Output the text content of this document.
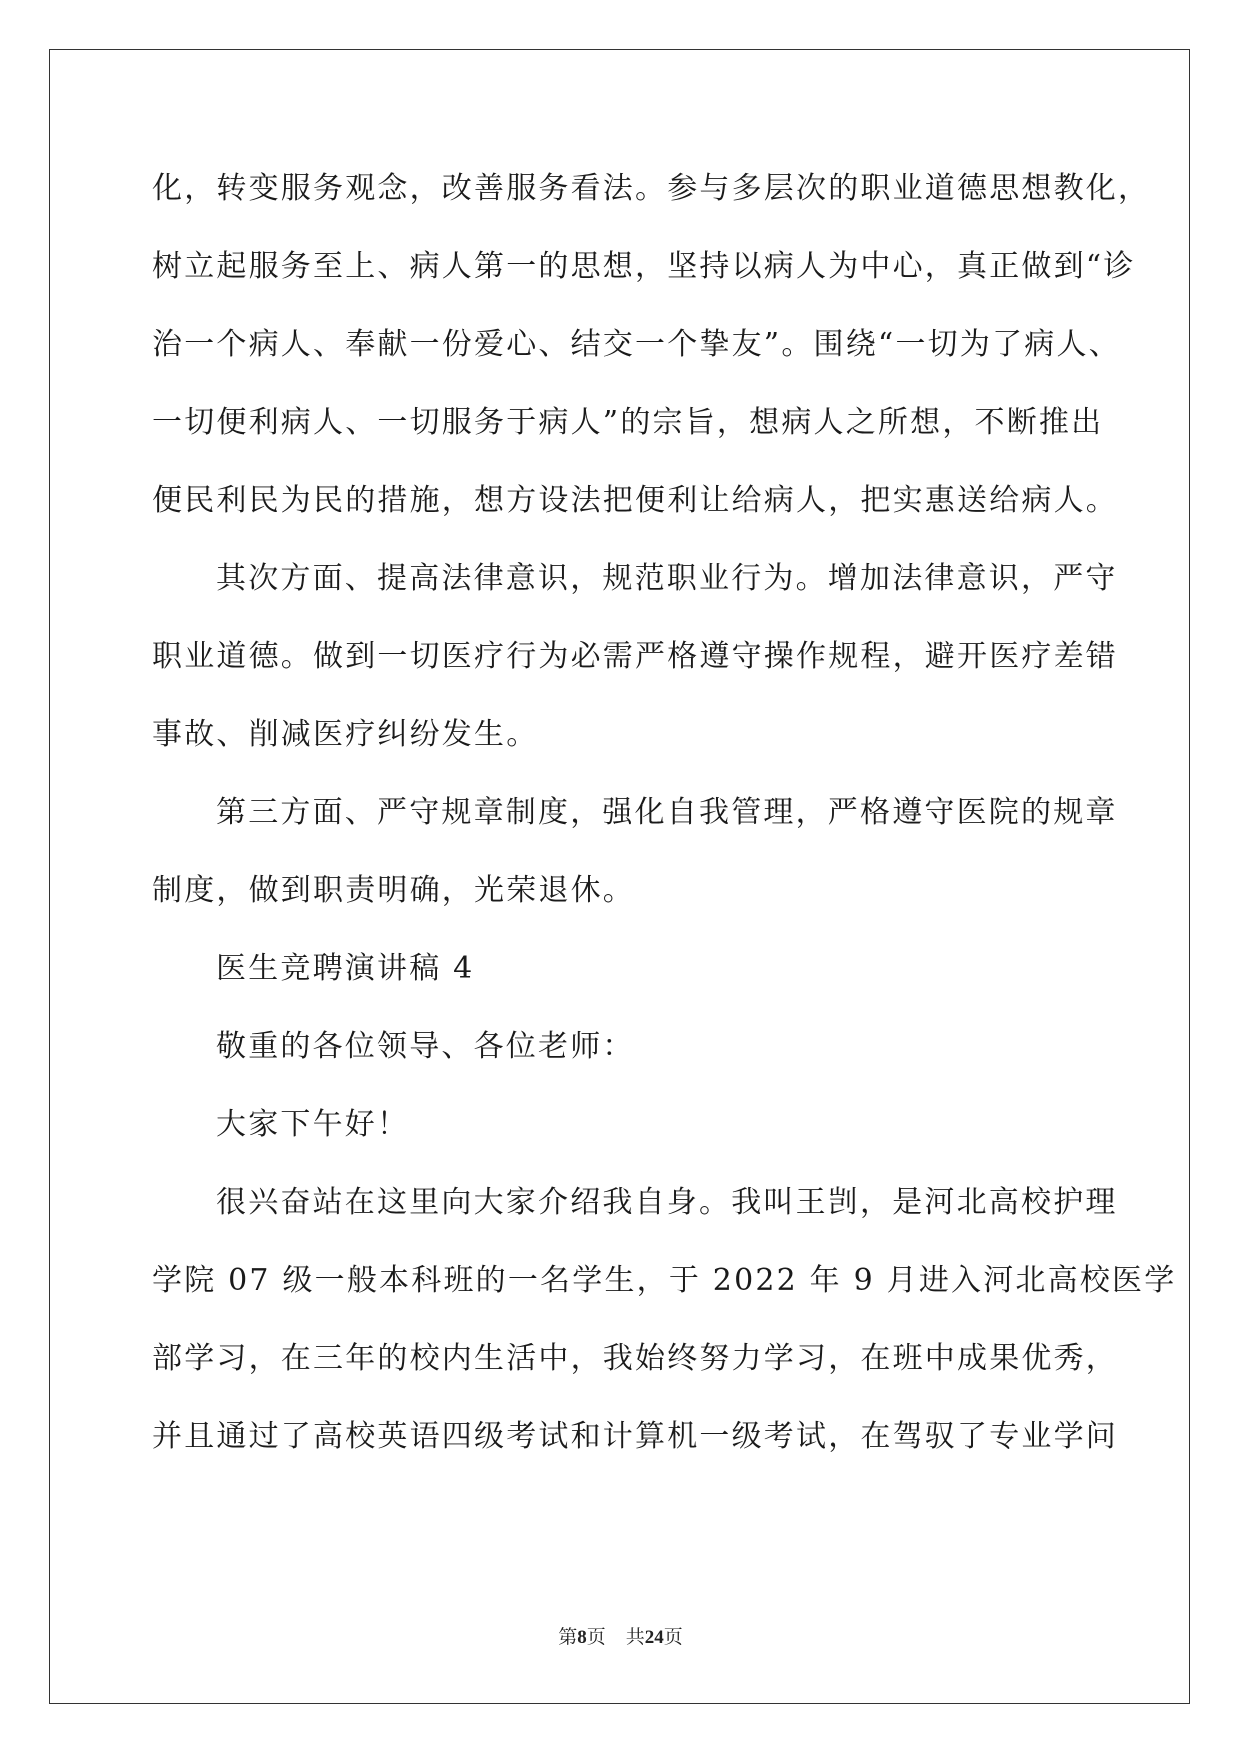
化，转变服务观念，改善服务看法。参与多层次的职业道德思想教化，
树立起服务至上、病人第一的思想，坚持以病人为中心，真正做到“诊
治一个病人、奉献一份爱心、结交一个挚友”。围绕“一切为了病人、
一切便利病人、一切服务于病人”的宗旨，想病人之所想，不断推出
便民利民为民的措施，想方设法把便利让给病人，把实惠送给病人。
其次方面、提高法律意识，规范职业行为。增加法律意识，严守
职业道德。做到一切医疗行为必需严格遵守操作规程，避开医疗差错
事故、削减医疗纠纷发生。
第三方面、严守规章制度，强化自我管理，严格遵守医院的规章
制度，做到职责明确，光荣退休。
医生竞聘演讲稿 4
敬重的各位领导、各位老师：
大家下午好！
很兴奋站在这里向大家介绍我自身。我叫王剀，是河北高校护理
学院 07 级一般本科班的一名学生，于 2022 年 9 月进入河北高校医学
部学习，在三年的校内生活中，我始终努力学习，在班中成果优秀，
并且通过了高校英语四级考试和计算机一级考试，在驾驭了专业学问
第8页 共24页
